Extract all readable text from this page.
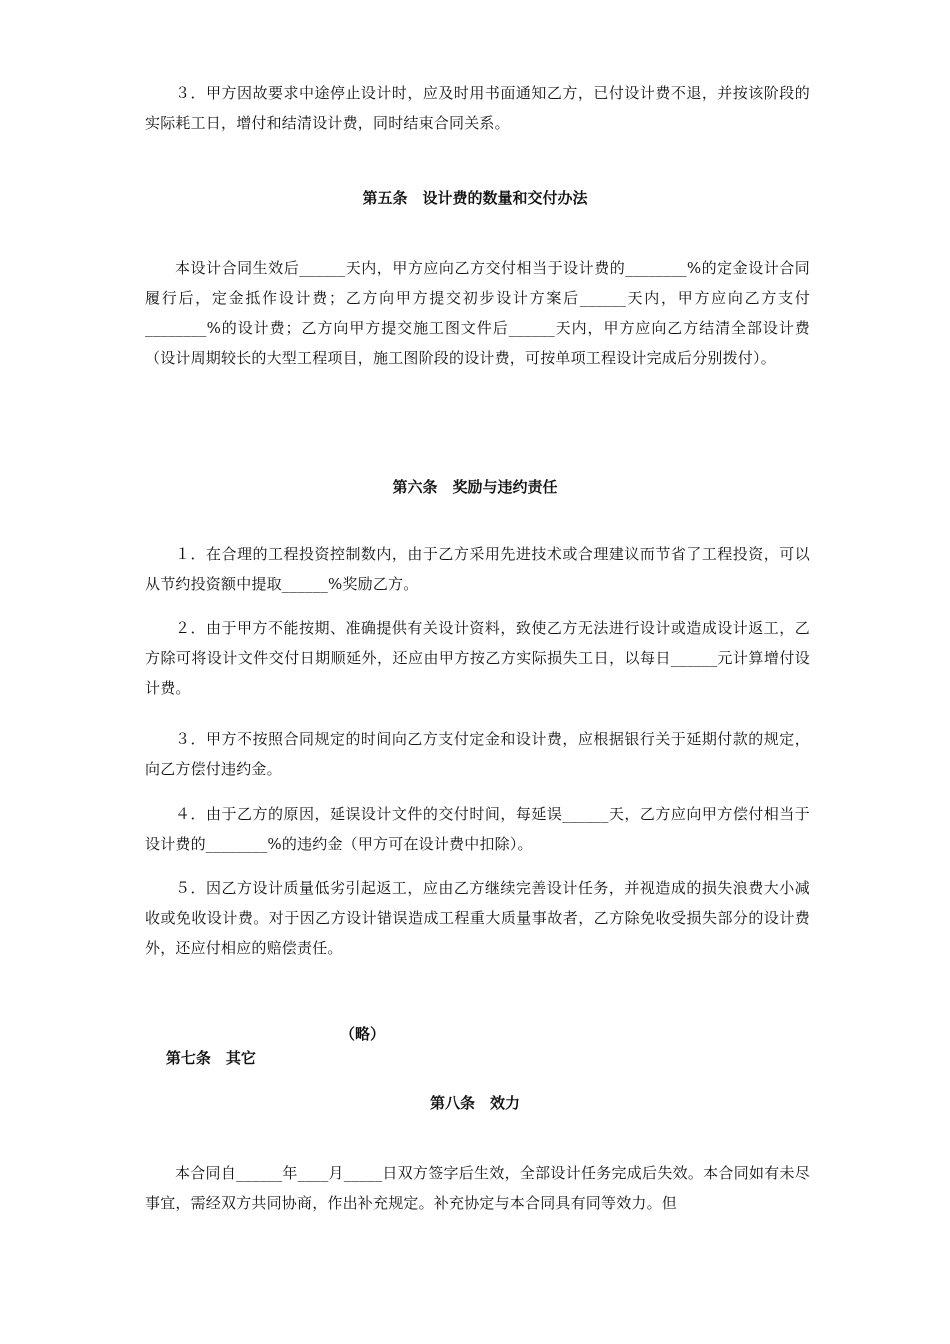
３．甲方因故要求中途停止设计时，应及时用书面通知乙方，已付设计费不退，并按该阶段的实际耗工日，增付和结清设计费，同时结束合同关系。

第五条　设计费的数量和交付办法

本设计合同生效后______天内，甲方应向乙方交付相当于设计费的________%的定金设计合同履行后，定金抵作设计费；乙方向甲方提交初步设计方案后______天内，甲方应向乙方支付________%的设计费；乙方向甲方提交施工图文件后______天内，甲方应向乙方结清全部设计费（设计周期较长的大型工程项目，施工图阶段的设计费，可按单项工程设计完成后分别拨付）。

第六条　奖励与违约责任

１．在合理的工程投资控制数内，由于乙方采用先进技术或合理建议而节省了工程投资，可以从节约投资额中提取______%奖励乙方。

２．由于甲方不能按期、准确提供有关设计资料，致使乙方无法进行设计或造成设计返工，乙方除可将设计文件交付日期顺延外，还应由甲方按乙方实际损失工日，以每日______元计算增付设计费。

３．甲方不按照合同规定的时间向乙方支付定金和设计费，应根据银行关于延期付款的规定，向乙方偿付违约金。

４．由于乙方的原因，延误设计文件的交付时间，每延误______天，乙方应向甲方偿付相当于设计费的________%的违约金（甲方可在设计费中扣除）。

５．因乙方设计质量低劣引起返工，应由乙方继续完善设计任务，并视造成的损失浪费大小减收或免收设计费。对于因乙方设计错误造成工程重大质量事故者，乙方除免收受损失部分的设计费外，还应付相应的赔偿责任。

第七条　其它

（略）

第八条　效力

本合同自______年____月_____日双方签字后生效，全部设计任务完成后失效。本合同如有未尽事宜，需经双方共同协商，作出补充规定。补充协定与本合同具有同等效力。但
